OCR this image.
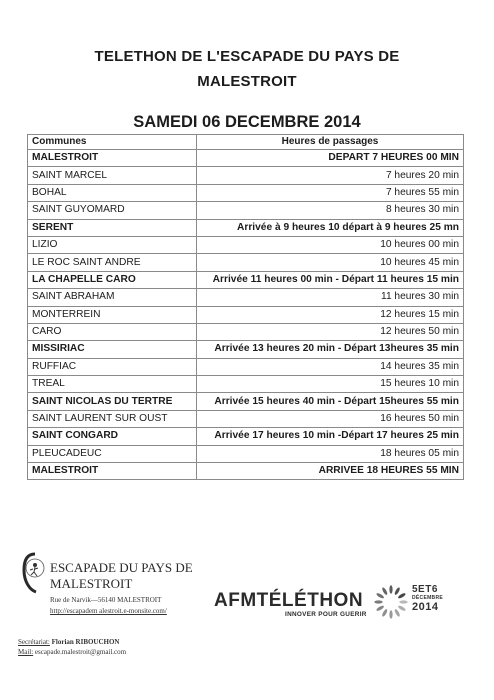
TELETHON DE L'ESCAPADE DU PAYS DE
MALESTROIT
SAMEDI 06 DECEMBRE 2014
Communes	Heures de passages
MALESTROIT	DEPART 7 HEURES 00 MIN
SAINT MARCEL	7 heures 20 min
BOHAL	7 heures 55 min
SAINT GUYOMARD	8 heures 30 min
SERENT	Arrivée à 9 heures 10 départ à 9 heures 25 mn
LIZIO	10 heures 00 min
LE ROC SAINT ANDRE	10 heures 45 min
LA CHAPELLE CARO	Arrivée 11 heures 00 min - Départ 11 heures 15 min
SAINT ABRAHAM	11 heures 30 min
MONTERREIN	12 heures 15 min
CARO	12 heures 50 min
MISSIRIAC	Arrivée 13 heures 20 min - Départ 13heures 35 min
RUFFIAC	14 heures 35 min
TREAL	15 heures 10 min
SAINT NICOLAS DU TERTRE	Arrivée 15 heures 40 min - Départ 15heures 55 min
SAINT LAURENT SUR OUST	16 heures 50 min
SAINT CONGARD	Arrivée 17 heures 10 min -Départ 17 heures 25 min
PLEUCADEUC	18 heures 05 min
MALESTROIT	ARRIVEE 18 HEURES 55 MIN
ESCAPADE DU PAYS DE
MALESTROIT
Rue de Narvik—56140 MALESTROIT
http://escapadem alestroit.e-monsite.com/
Secrétariat: Florian RIBOUCHON
Mail: escapade.malestroit@gmail.com
AFMTÉLÉTHON
INNOVER POUR GUERIR
5ET6
DÉCEMBRE
2014
